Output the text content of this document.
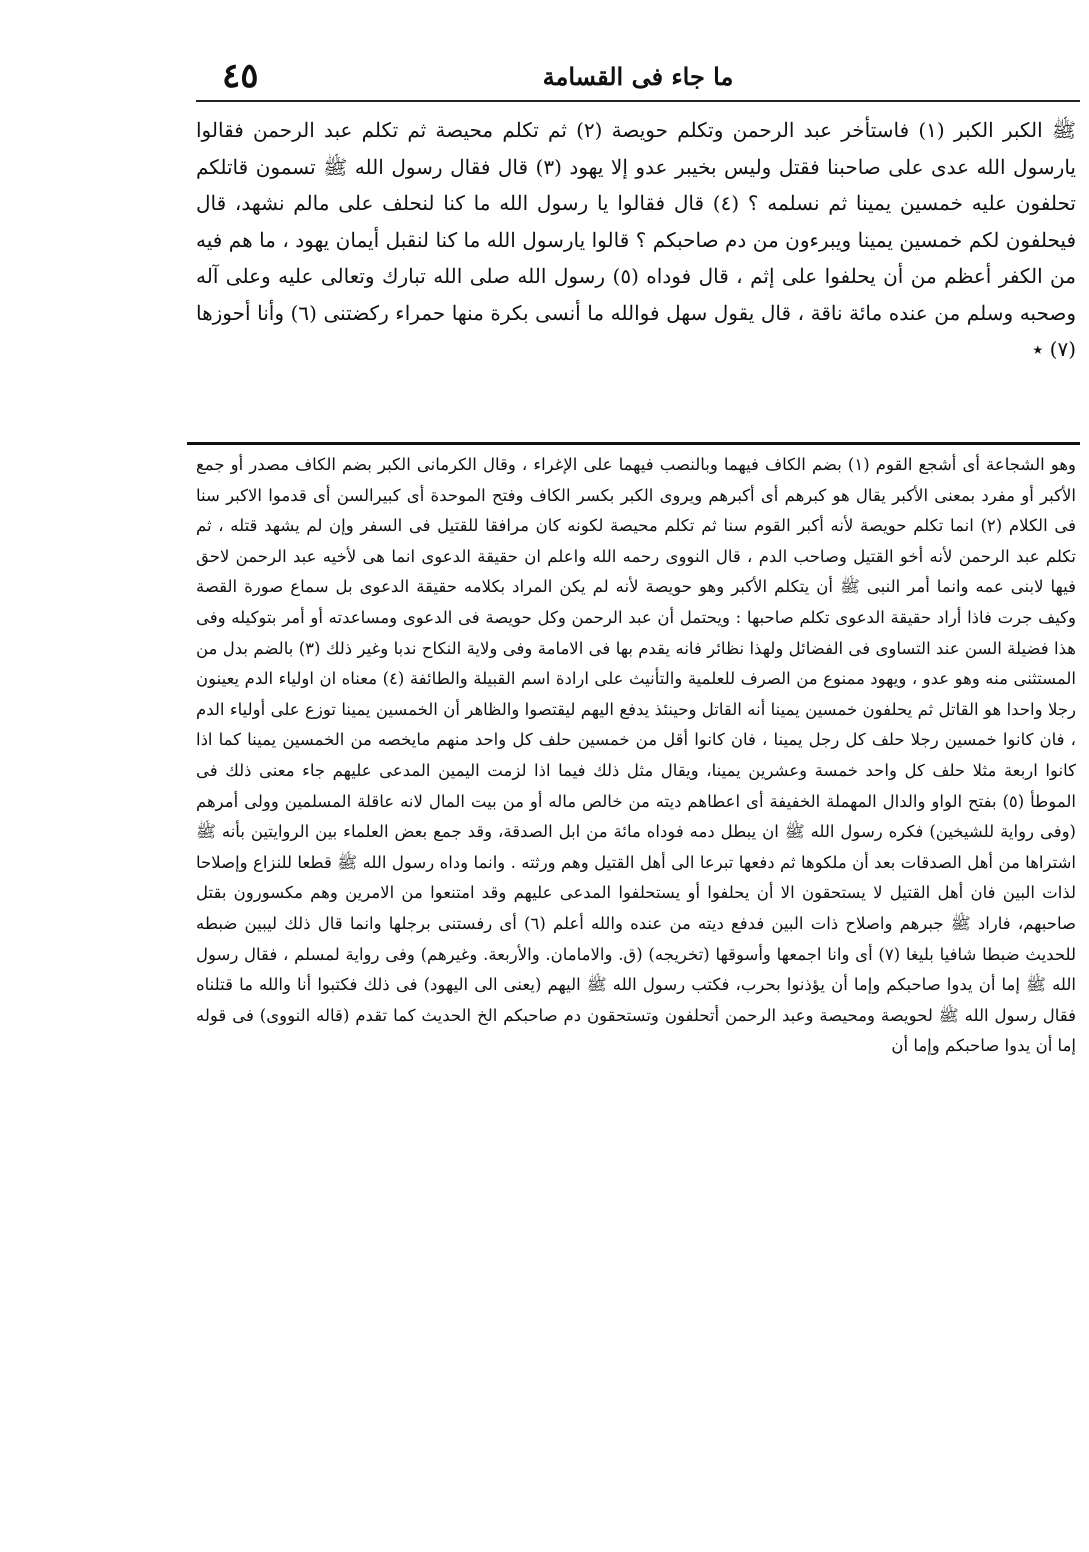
٤٥	ما جاء فى القسامة

ﷺ الكبر الكبر (١) فاستأخر عبد الرحمن وتكلم حويصة (٢) ثم تكلم محيصة ثم تكلم عبد الرحمن فقالوا يارسول الله عدى على صاحبنا فقتل وليس بخيبر عدو إلا يهود (٣) قال فقال رسول الله ﷺ تسمون قاتلكم تحلفون عليه خمسين يمينا ثم نسلمه ؟ (٤) قال فقالوا يا رسول الله ما كنا لنحلف على مالم نشهد، قال فيحلفون لكم خمسين يمينا ويبرءون من دم صاحبكم ؟ قالوا يارسول الله ما كنا لنقبل أيمان يهود ، ما هم فيه من الكفر أعظم من أن يحلفوا على إثم ، قال فوداه (٥) رسول الله صلى الله تبارك وتعالى عليه وعلى آله وصحبه وسلم من عنده مائة ناقة ، قال يقول سهل فوالله ما أنسى بكرة منها حمراء ركضتنى (٦) وأنا أحوزها (٧) ٭

وهو الشجاعة أى أشجع القوم (١) بضم الكاف فيهما وبالنصب فيهما على الإغراء ، وقال الكرمانى الكبر بضم الكاف مصدر أو جمع الأكبر أو مفرد بمعنى الأكبر يقال هو كبرهم أى أكبرهم ويروى الكبر بكسر الكاف وفتح الموحدة أى كبيرالسن أى قدموا الاكبر سنا فى الكلام (٢) انما تكلم حويصة لأنه أكبر القوم سنا ثم تكلم محيصة لكونه كان مرافقا للقتيل فى السفر وإن لم يشهد قتله ، ثم تكلم عبد الرحمن لأنه أخو القتيل وصاحب الدم ، قال النووى رحمه الله واعلم ان حقيقة الدعوى انما هى لأخيه عبد الرحمن لاحق فيها لابنى عمه وانما أمر النبى ﷺ أن يتكلم الأكبر وهو حويصة لأنه لم يكن المراد بكلامه حقيقة الدعوى بل سماع صورة القصة وكيف جرت فاذا أراد حقيقة الدعوى تكلم صاحبها : ويحتمل أن عبد الرحمن وكل حويصة فى الدعوى ومساعدته أو أمر بتوكيله وفى هذا فضيلة السن عند التساوى فى الفضائل ولهذا نظائر فانه يقدم بها فى الامامة وفى ولاية النكاح ندبا وغير ذلك (٣) بالضم بدل من المستثنى منه وهو عدو ، ويهود ممنوع من الصرف للعلمية والتأنيث على ارادة اسم القبيلة والطائفة (٤) معناه ان اولياء الدم يعينون رجلا واحدا هو القاتل ثم يحلفون خمسين يمينا أنه القاتل وحينئذ يدفع اليهم ليقتصوا والظاهر أن الخمسين يمينا توزع على أولياء الدم ، فان كانوا خمسين رجلا حلف كل رجل يمينا ، فان كانوا أقل من خمسين حلف كل واحد منهم مايخصه من الخمسين يمينا كما اذا كانوا اربعة مثلا حلف كل واحد خمسة وعشرين يمينا، ويقال مثل ذلك فيما اذا لزمت اليمين المدعى عليهم جاء معنى ذلك فى الموطأ (٥) بفتح الواو والدال المهملة الخفيفة أى اعطاهم ديته من خالص ماله أو من بيت المال لانه عاقلة المسلمين وولى أمرهم (وفى رواية للشيخين) فكره رسول الله ﷺ ان يبطل دمه فوداه مائة من ابل الصدقة، وقد جمع بعض العلماء بين الروايتين بأنه ﷺ اشتراها من أهل الصدقات بعد أن ملكوها ثم دفعها تبرعا الى أهل القتيل وهم ورثته . وانما وداه رسول الله ﷺ قطعا للنزاع وإصلاحا لذات البين فان أهل القتيل لا يستحقون الا أن يحلفوا أو يستحلفوا المدعى عليهم وقد امتنعوا من الامرين وهم مكسورون بقتل صاحبهم، فاراد ﷺ جبرهم واصلاح ذات البين فدفع ديته من عنده والله أعلم (٦) أى رفستنى برجلها وانما قال ذلك ليبين ضبطه للحديث ضبطا شافيا بليغا (٧) أى وانا اجمعها وأسوقها (تخريجه) (ق. والامامان. والأربعة. وغيرهم) وفى رواية لمسلم ، فقال رسول الله ﷺ إما أن يدوا صاحبكم وإما أن يؤذنوا بحرب، فكتب رسول الله ﷺ اليهم (يعنى الى اليهود) فى ذلك فكتبوا أنا والله ما قتلناه فقال رسول الله ﷺ لحويصة ومحيصة وعبد الرحمن أتحلفون وتستحقون دم صاحبكم الخ الحديث كما تقدم (قاله النووى) فى قوله إما أن يدوا صاحبكم وإما أن
